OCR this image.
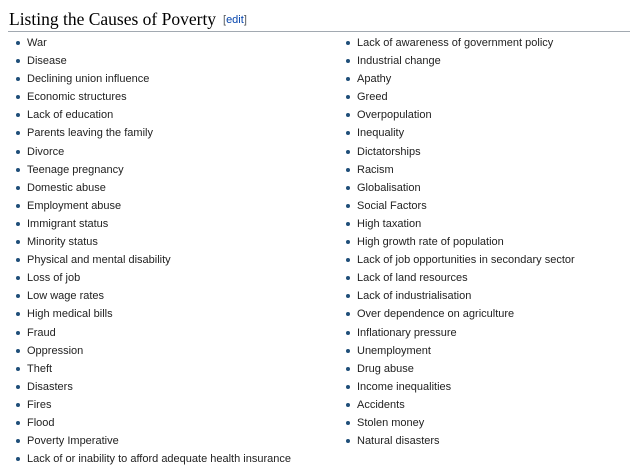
Listing the Causes of Poverty [edit]
War
Disease
Declining union influence
Economic structures
Lack of education
Parents leaving the family
Divorce
Teenage pregnancy
Domestic abuse
Employment abuse
Immigrant status
Minority status
Physical and mental disability
Loss of job
Low wage rates
High medical bills
Fraud
Oppression
Theft
Disasters
Fires
Flood
Poverty Imperative
Lack of or inability to afford adequate health insurance
Lack of awareness of government policy
Industrial change
Apathy
Greed
Overpopulation
Inequality
Dictatorships
Racism
Globalisation
Social Factors
High taxation
High growth rate of population
Lack of job opportunities in secondary sector
Lack of land resources
Lack of industrialisation
Over dependence on agriculture
Inflationary pressure
Unemployment
Drug abuse
Income inequalities
Accidents
Stolen money
Natural disasters
